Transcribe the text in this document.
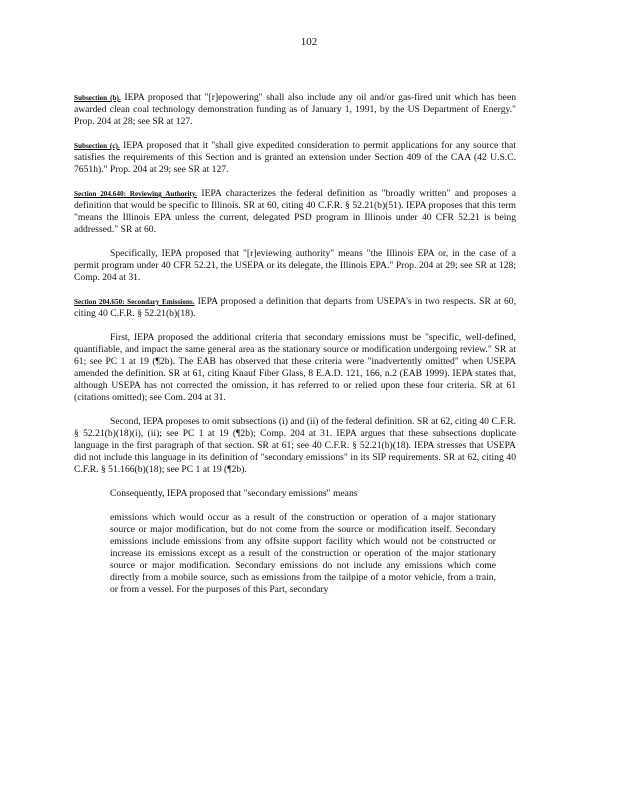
102

Subsection (b). IEPA proposed that "[r]epowering" shall also include any oil and/or gas-fired unit which has been awarded clean coal technology demonstration funding as of January 1, 1991, by the US Department of Energy." Prop. 204 at 28; see SR at 127.

Subsection (c). IEPA proposed that it "shall give expedited consideration to permit applications for any source that satisfies the requirements of this Section and is granted an extension under Section 409 of the CAA (42 U.S.C. 7651h)." Prop. 204 at 29; see SR at 127.

Section 204.640: Reviewing Authority. IEPA characterizes the federal definition as "broadly written" and proposes a definition that would be specific to Illinois. SR at 60, citing 40 C.F.R. § 52.21(b)(51). IEPA proposes that this term "means the Illinois EPA unless the current, delegated PSD program in Illinois under 40 CFR 52.21 is being addressed." SR at 60.

Specifically, IEPA proposed that "[r]eviewing authority" means "the Illinois EPA or, in the case of a permit program under 40 CFR 52.21, the USEPA or its delegate, the Illinois EPA." Prop. 204 at 29; see SR at 128; Comp. 204 at 31.

Section 204.650: Secondary Emissions. IEPA proposed a definition that departs from USEPA's in two respects. SR at 60, citing 40 C.F.R. § 52.21(b)(18).

First, IEPA proposed the additional criteria that secondary emissions must be "specific, well-defined, quantifiable, and impact the same general area as the stationary source or modification undergoing review." SR at 61; see PC 1 at 19 (¶2b). The EAB has observed that these criteria were "inadvertently omitted" when USEPA amended the definition. SR at 61, citing Knauf Fiber Glass, 8 E.A.D. 121, 166, n.2 (EAB 1999). IEPA states that, although USEPA has not corrected the omission, it has referred to or relied upon these four criteria. SR at 61 (citations omitted); see Com. 204 at 31.

Second, IEPA proposes to omit subsections (i) and (ii) of the federal definition. SR at 62, citing 40 C.F.R. § 52.21(b)(18)(i), (ii); see PC 1 at 19 (¶2b); Comp. 204 at 31. IEPA argues that these subsections duplicate language in the first paragraph of that section. SR at 61; see 40 C.F.R. § 52.21(b)(18). IEPA stresses that USEPA did not include this language in its definition of "secondary emissions" in its SIP requirements. SR at 62, citing 40 C.F.R. § 51.166(b)(18); see PC 1 at 19 (¶2b).

Consequently, IEPA proposed that "secondary emissions" means

emissions which would occur as a result of the construction or operation of a major stationary source or major modification, but do not come from the source or modification itself. Secondary emissions include emissions from any offsite support facility which would not be constructed or increase its emissions except as a result of the construction or operation of the major stationary source or major modification. Secondary emissions do not include any emissions which come directly from a mobile source, such as emissions from the tailpipe of a motor vehicle, from a train, or from a vessel. For the purposes of this Part, secondary
